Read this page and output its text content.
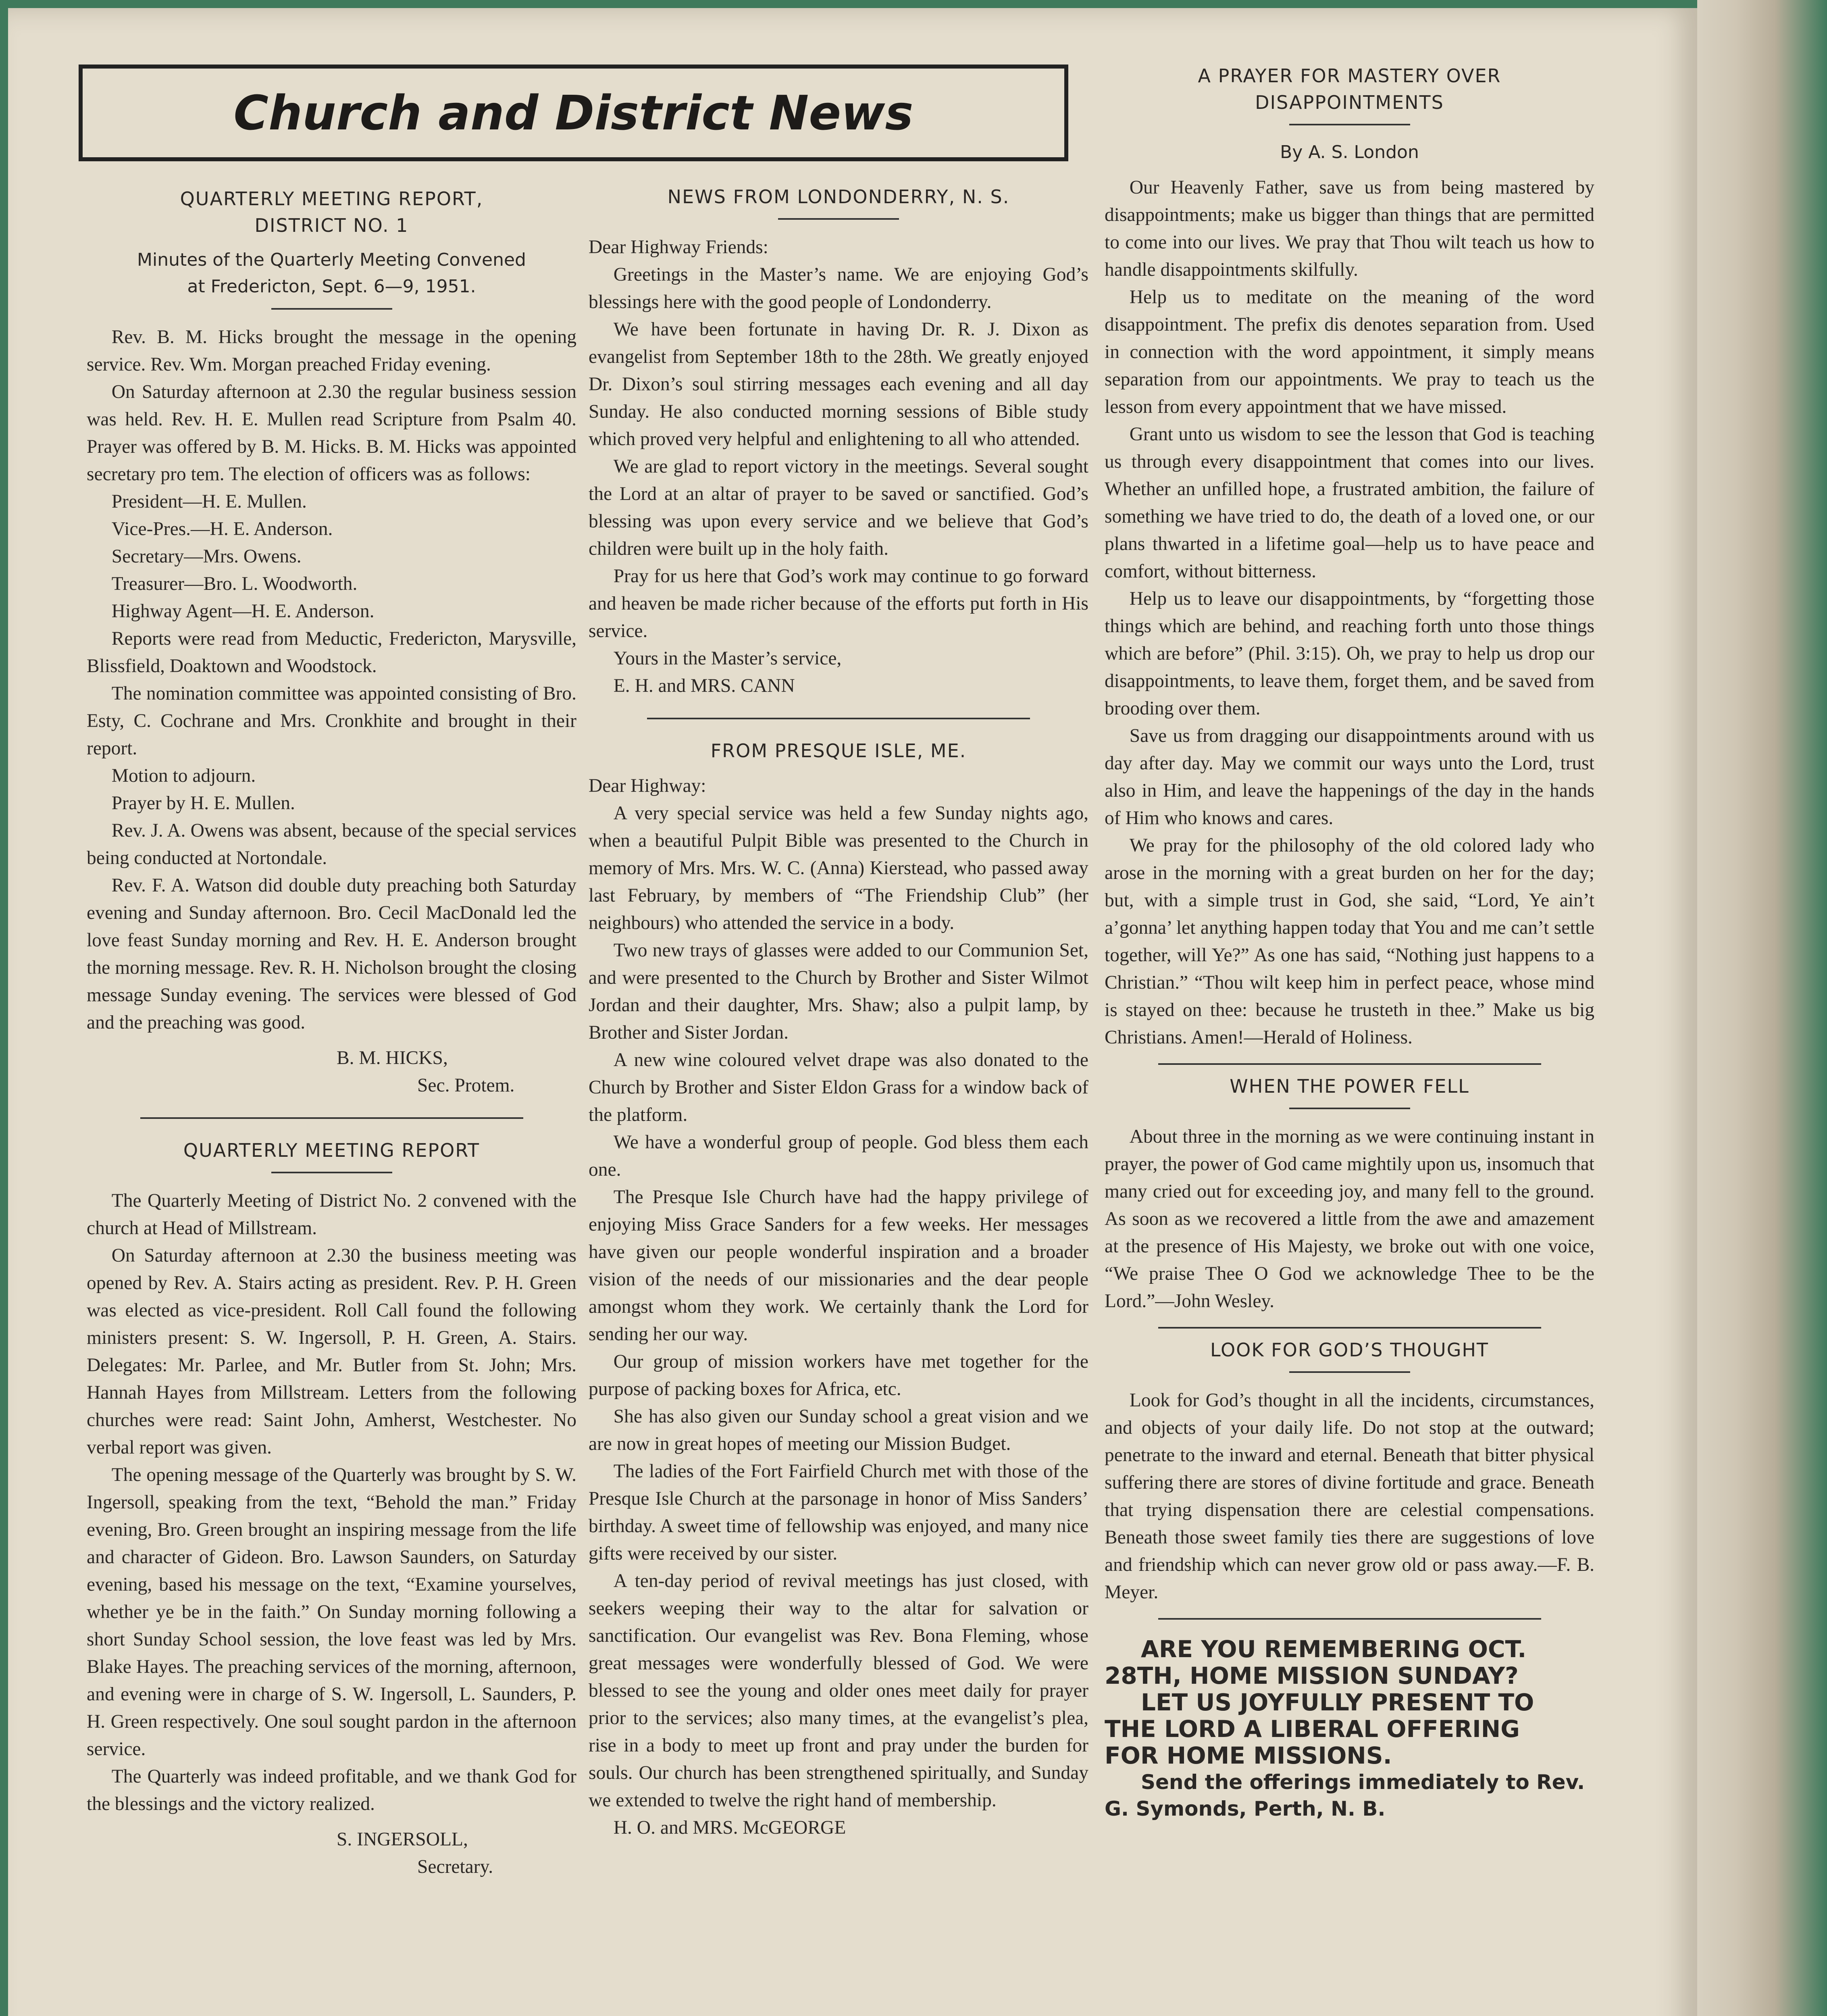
Church and District News
QUARTERLY MEETING REPORT,
DISTRICT NO. 1
Minutes of the Quarterly Meeting Convened
at Fredericton, Sept. 6—9, 1951.

Rev. B. M. Hicks brought the message in the opening service. Rev. Wm. Morgan preached Friday evening.

On Saturday afternoon at 2.30 the regular business session was held. Rev. H. E. Mullen read Scripture from Psalm 40. Prayer was offered by B. M. Hicks. B. M. Hicks was appointed secretary pro tem. The election of officers was as follows:

President—H. E. Mullen.
Vice-Pres.—H. E. Anderson.
Secretary—Mrs. Owens.
Treasurer—Bro. L. Woodworth.
Highway Agent—H. E. Anderson.

Reports were read from Meductic, Fredericton, Marysville, Blissfield, Doaktown and Woodstock.

The nomination committee was appointed consisting of Bro. Esty, C. Cochrane and Mrs. Cronkhite and brought in their report.

Motion to adjourn.

Prayer by H. E. Mullen.

Rev. J. A. Owens was absent, because of the special services being conducted at Nortondale.

Rev. F. A. Watson did double duty preaching both Saturday evening and Sunday afternoon. Bro. Cecil MacDonald led the love feast Sunday morning and Rev. H. E. Anderson brought the morning message. Rev. R. H. Nicholson brought the closing message Sunday evening. The services were blessed of God and the preaching was good.

B. M. HICKS,
Sec. Protem.
QUARTERLY MEETING REPORT

The Quarterly Meeting of District No. 2 convened with the church at Head of Millstream.

On Saturday afternoon at 2.30 the business meeting was opened by Rev. A. Stairs acting as president. Rev. P. H. Green was elected as vice-president. Roll Call found the following ministers present: S. W. Ingersoll, P. H. Green, A. Stairs. Delegates: Mr. Parlee, and Mr. Butler from St. John; Mrs. Hannah Hayes from Millstream. Letters from the following churches were read: Saint John, Amherst, Westchester. No verbal report was given.

The opening message of the Quarterly was brought by S. W. Ingersoll, speaking from the text, “Behold the man.” Friday evening, Bro. Green brought an inspiring message from the life and character of Gideon. Bro. Lawson Saunders, on Saturday evening, based his message on the text, “Examine yourselves, whether ye be in the faith.” On Sunday morning following a short Sunday School session, the love feast was led by Mrs. Blake Hayes. The preaching services of the morning, afternoon, and evening were in charge of S. W. Ingersoll, L. Saunders, P. H. Green respectively. One soul sought pardon in the afternoon service.

The Quarterly was indeed profitable, and we thank God for the blessings and the victory realized.

S. INGERSOLL,
Secretary.
NEWS FROM LONDONDERRY, N. S.

Dear Highway Friends:

Greetings in the Master’s name. We are enjoying God’s blessings here with the good people of Londonderry.

We have been fortunate in having Dr. R. J. Dixon as evangelist from September 18th to the 28th. We greatly enjoyed Dr. Dixon’s soul stirring messages each evening and all day Sunday. He also conducted morning sessions of Bible study which proved very helpful and enlightening to all who attended.

We are glad to report victory in the meetings. Several sought the Lord at an altar of prayer to be saved or sanctified. God’s blessing was upon every service and we believe that God’s children were built up in the holy faith.

Pray for us here that God’s work may continue to go forward and heaven be made richer because of the efforts put forth in His service.

Yours in the Master’s service,

E. H. and MRS. CANN

FROM PRESQUE ISLE, ME.

Dear Highway:

A very special service was held a few Sunday nights ago, when a beautiful Pulpit Bible was presented to the Church in memory of Mrs. Mrs. W. C. (Anna) Kierstead, who passed away last February, by members of “The Friendship Club” (her neighbours) who attended the service in a body.

Two new trays of glasses were added to our Communion Set, and were presented to the Church by Brother and Sister Wilmot Jordan and their daughter, Mrs. Shaw; also a pulpit lamp, by Brother and Sister Jordan.

A new wine coloured velvet drape was also donated to the Church by Brother and Sister Eldon Grass for a window back of the platform.

We have a wonderful group of people. God bless them each one.

The Presque Isle Church have had the happy privilege of enjoying Miss Grace Sanders for a few weeks. Her messages have given our people wonderful inspiration and a broader vision of the needs of our missionaries and the dear people amongst whom they work. We certainly thank the Lord for sending her our way.

Our group of mission workers have met together for the purpose of packing boxes for Africa, etc.

She has also given our Sunday school a great vision and we are now in great hopes of meeting our Mission Budget.

The ladies of the Fort Fairfield Church met with those of the Presque Isle Church at the parsonage in honor of Miss Sanders’ birthday. A sweet time of fellowship was enjoyed, and many nice gifts were received by our sister.

A ten-day period of revival meetings has just closed, with seekers weeping their way to the altar for salvation or sanctification. Our evangelist was Rev. Bona Fleming, whose great messages were wonderfully blessed of God. We were blessed to see the young and older ones meet daily for prayer prior to the services; also many times, at the evangelist’s plea, rise in a body to meet up front and pray under the burden for souls. Our church has been strengthened spiritually, and Sunday we extended to twelve the right hand of membership.

H. O. and MRS. McGEORGE

A PRAYER FOR MASTERY OVER
DISAPPOINTMENTS
By A. S. London

Our Heavenly Father, save us from being mastered by disappointments; make us bigger than things that are permitted to come into our lives. We pray that Thou wilt teach us how to handle disappointments skilfully.

Help us to meditate on the meaning of the word disappointment. The prefix dis denotes separation from. Used in connection with the word appointment, it simply means separation from our appointments. We pray to teach us the lesson from every appointment that we have missed.

Grant unto us wisdom to see the lesson that God is teaching us through every disappointment that comes into our lives. Whether an unfilled hope, a frustrated ambition, the failure of something we have tried to do, the death of a loved one, or our plans thwarted in a lifetime goal—help us to have peace and comfort, without bitterness.

Help us to leave our disappointments, by “forgetting those things which are behind, and reaching forth unto those things which are before” (Phil. 3:15). Oh, we pray to help us drop our disappointments, to leave them, forget them, and be saved from brooding over them.

Save us from dragging our disappointments around with us day after day. May we commit our ways unto the Lord, trust also in Him, and leave the happenings of the day in the hands of Him who knows and cares.

We pray for the philosophy of the old colored lady who arose in the morning with a great burden on her for the day; but, with a simple trust in God, she said, “Lord, Ye ain’t a’gonna’ let anything happen today that You and me can’t settle together, will Ye?” As one has said, “Nothing just happens to a Christian.” “Thou wilt keep him in perfect peace, whose mind is stayed on thee: because he trusteth in thee.” Make us big Christians. Amen!—Herald of Holiness.

WHEN THE POWER FELL

About three in the morning as we were continuing instant in prayer, the power of God came mightily upon us, insomuch that many cried out for exceeding joy, and many fell to the ground. As soon as we recovered a little from the awe and amazement at the presence of His Majesty, we broke out with one voice, “We praise Thee O God we acknowledge Thee to be the Lord.”—John Wesley.

LOOK FOR GOD’S THOUGHT

Look for God’s thought in all the incidents, circumstances, and objects of your daily life. Do not stop at the outward; penetrate to the inward and eternal. Beneath that bitter physical suffering there are stores of divine fortitude and grace. Beneath that trying dispensation there are celestial compensations. Beneath those sweet family ties there are suggestions of love and friendship which can never grow old or pass away.—F. B. Meyer.

ARE YOU REMEMBERING OCT.
28TH, HOME MISSION SUNDAY?
LET US JOYFULLY PRESENT TO
THE LORD A LIBERAL OFFERING
FOR HOME MISSIONS.
Send the offerings immediately to Rev.
G. Symonds, Perth, N. B.
